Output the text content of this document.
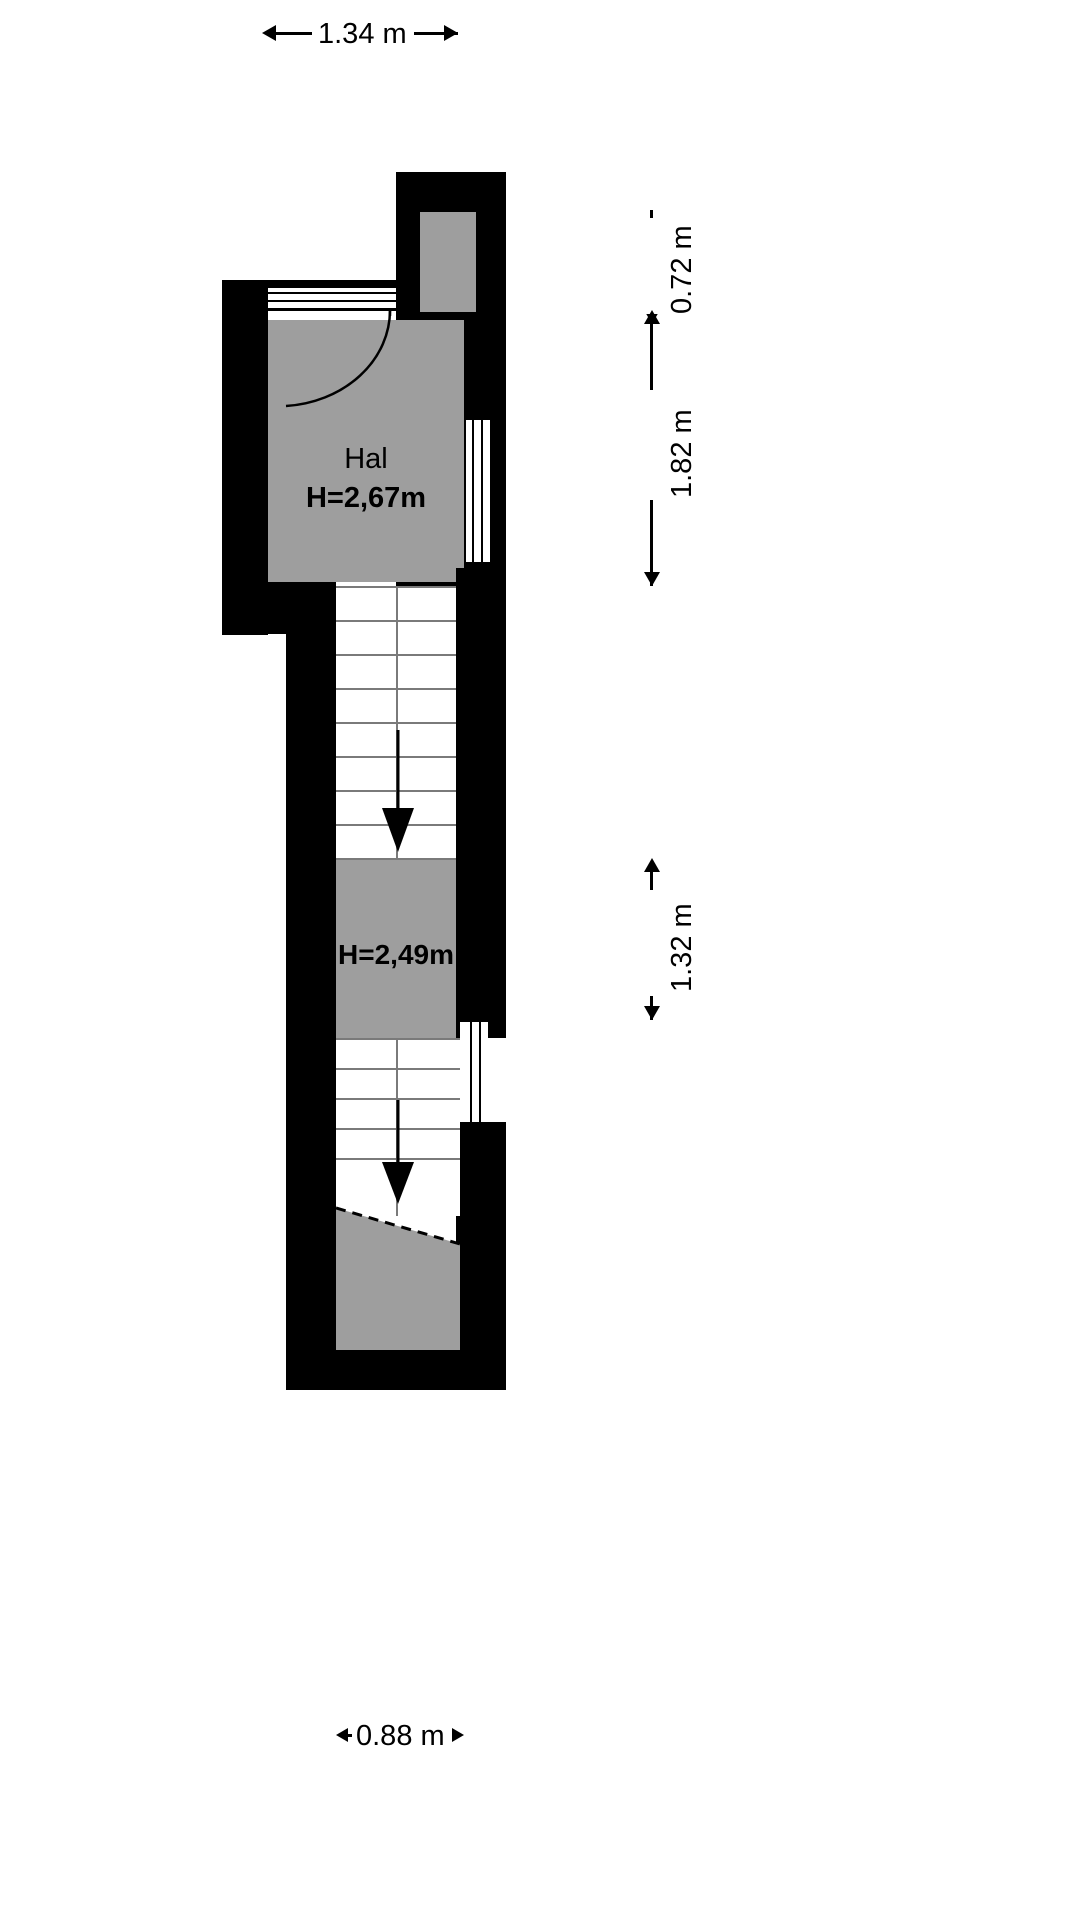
1.34 m
Hal
H=2,67m
H=2,49m
0.72 m
1.82 m
1.32 m
0.88 m
